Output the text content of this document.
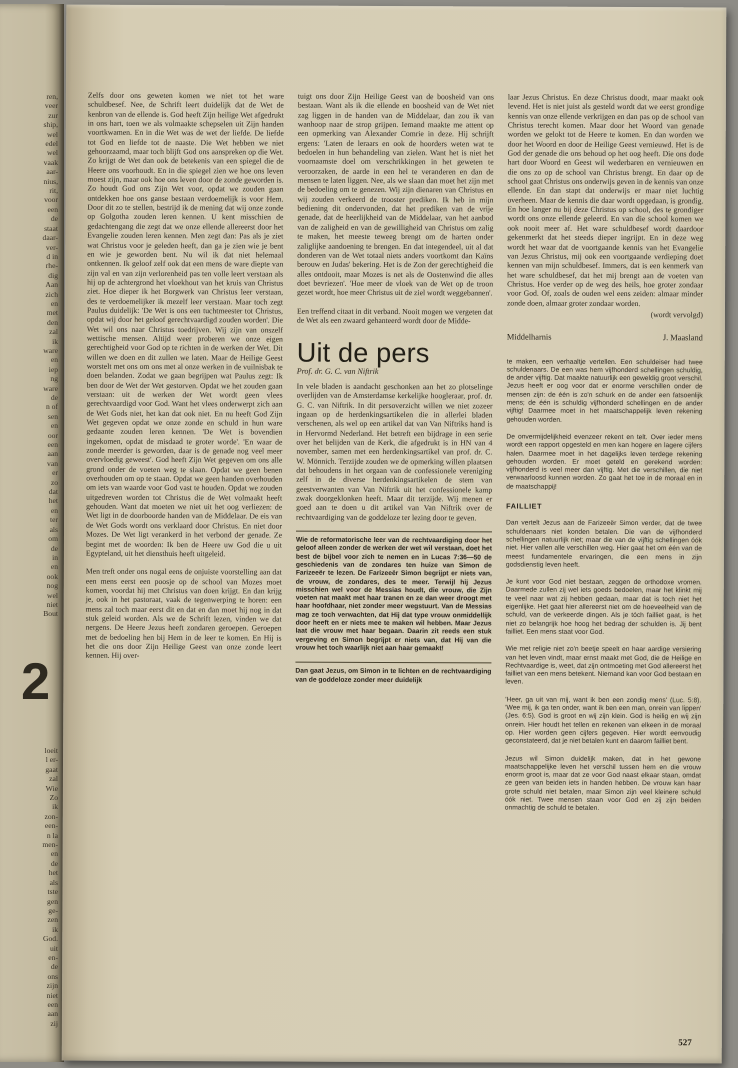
ren,
veer
zur
ship,
wel
edel
wel
vaak
aar-
nius,
rit,
voor
een
de
staat
daar-
ver-
d in
rhe-
dig
Aan
zich
en
met
den
zal
ik
ware
en
iep
ng
ware
de
n of
sen
en
oor
een
aan
van
er
zo
dat
het
en
ter
als
om
de
in
en
ook
nog
wel
niet
Bout
2
loeit
l er-
gaat
zal
Wie
Zo
ik
zon-
een-
n la
men-
en
de
het
als
tste
gen
ge-
zen
ik
God.
uit
en-
de
ons
zijn
niet
een
aan
zij

Zelfs door ons geweten komen we niet tot het ware schuldbesef. Nee, de Schrift leert duidelijk dat de Wet de kenbron van de ellende is. God heeft Zijn heilige Wet afgedrukt in ons hart, toen we als volmaakte schepselen uit Zijn handen voortkwamen. En in die Wet was de wet der liefde. De liefde tot God en liefde tot de naaste. Die Wet hebben we niet gehoorzaamd, maar toch blijft God ons aanspreken op die Wet. Zo krijgt de Wet dan ook de betekenis van een spiegel die de Heere ons voorhoudt. En in die spiegel zien we hoe ons leven moest zijn, maar ook hoe ons leven door de zonde geworden is. Zo houdt God ons Zijn Wet voor, opdat we zouden gaan ontdekken hoe ons ganse bestaan verdoemelijk is voor Hem. Door dit zo te stellen, bestrijd ik de mening dat wij onze zonde op Golgotha zouden leren kennen. U kent misschien de gedachtengang die zegt dat we onze ellende allereerst door het Evangelie zouden leren kennen. Men zegt dan: Pas als je ziet wat Christus voor je geleden heeft, dan ga je zien wie je bent en wie je geworden bent. Nu wil ik dat niet helemaal ontkennen. Ik geloof zelf ook dat een mens de ware diepte van zijn val en van zijn verlorenheid pas ten volle leert verstaan als hij op de achtergrond het vloekhout van het kruis van Christus ziet. Hoe dieper ik het Borgwerk van Christus leer verstaan, des te verdoemelijker ik mezelf leer verstaan. Maar toch zegt Paulus duidelijk: 'De Wet is ons een tuchtmeester tot Christus, opdat wij door het geloof gerechtvaardigd zouden worden'. Die Wet wil ons naar Christus toedrijven. Wij zijn van onszelf wettische mensen. Altijd weer proberen we onze eigen gerechtigheid voor God op te richten in de werken der Wet. Dit willen we doen en dit zullen we laten. Maar de Heilige Geest worstelt met ons om ons met al onze werken in de vuilnisbak te doen belanden. Zodat we gaan begrijpen wat Paulus zegt: Ik ben door de Wet der Wet gestorven. Opdat we het zouden gaan verstaan: uit de werken der Wet wordt geen vlees gerechtvaardigd voor God. Want het vlees onderwerpt zich aan de Wet Gods niet, het kan dat ook niet. En nu heeft God Zijn Wet gegeven opdat we onze zonde en schuld in hun ware gedaante zouden leren kennen. 'De Wet is bovendien ingekomen, opdat de misdaad te groter worde'. 'En waar de zonde meerder is geworden, daar is de genade nog veel meer overvloedig geweest'. God heeft Zijn Wet gegeven om ons alle grond onder de voeten weg te slaan. Opdat we geen benen overhouden om op te staan. Opdat we geen handen overhouden om iets van waarde voor God vast te houden. Opdat we zouden uitgedreven worden tot Christus die de Wet volmaakt heeft gehouden. Want dat moeten we niet uit het oog verliezen: de Wet ligt in de doorboorde handen van de Middelaar. De eis van de Wet Gods wordt ons verklaard door Christus. En niet door Mozes. De Wet ligt verankerd in het verbond der genade. Ze begint met de woorden: Ik ben de Heere uw God die u uit Egypteland, uit het diensthuis heeft uitgeleid.

Men treft onder ons nogal eens de onjuiste voorstelling aan dat een mens eerst een poosje op de school van Mozes moet komen, voordat hij met Christus van doen krijgt. En dan krijg je, ook in het pastoraat, vaak de tegenwerping te horen: een mens zal toch maar eerst dit en dat en dan moet hij nog in dat stuk geleid worden. Als we de Schrift lezen, vinden we dat nergens. De Heere Jezus heeft zondaren geroepen. Geroepen met de bedoeling hen bij Hem in de leer te komen. En Hij is het die ons door Zijn Heilige Geest van onze zonde leert kennen. Hij over-

tuigt ons door Zijn Heilige Geest van de boosheid van ons bestaan. Want als ik die ellende en boosheid van de Wet niet zag liggen in de handen van de Middelaar, dan zou ik van wanhoop naar de strop grijpen. Iemand maakte me attent op een opmerking van Alexander Comrie in deze. Hij schrijft ergens: 'Laten de leraars en ook de hoorders weten wat te bedoelen in hun behandeling van zielen. Want het is niet het voornaamste doel om verschrikkingen in het geweten te veroorzaken, de aarde in een hel te veranderen en dan de mensen te laten liggen. Nee, als we slaan dan moet het zijn met de bedoeling om te genezen. Wij zijn dienaren van Christus en wij zouden verkeerd de trooster prediken. Ik heb in mijn bediening dit ondervonden, dat het prediken van de vrije genade, dat de heerlijkheid van de Middelaar, van het aanbod van de zaligheid en van de gewilligheid van Christus om zalig te maken, het meeste teweeg brengt om de harten onder zaliglijke aandoening te brengen. En dat integendeel, uit al dat donderen van de Wet totaal niets anders voortkomt dan Kaïns berouw en Judas' bekering. Het is de Zon der gerechtigheid die alles ontdooit, maar Mozes is net als de Oostenwind die alles doet bevriezen'. 'Hoe meer de vloek van de Wet op de troon gezet wordt, hoe meer Christus uit de ziel wordt weggebannen'.

Een treffend citaat in dit verband. Nooit mogen we vergeten dat de Wet als een zwaard gehanteerd wordt door de Midde-

Uit de pers
Prof. dr. G. C. van Niftrik

In vele bladen is aandacht geschonken aan het zo plotselinge overlijden van de Amsterdamse kerkelijke hoogleraar, prof. dr. G. C. van Niftrik. In dit persoverzicht willen we niet zozeer ingaan op de herdenkingsartikelen die in allerlei bladen verschenen, als wel op een artikel dat van Van Niftriks hand is in Hervormd Nederland. Het betreft een bijdrage in een serie over het belijden van de Kerk, die afgedrukt is in HN van 4 november, samen met een herdenkingsartikel van prof. dr. C. W. Mönnich. Terzijde zouden we de opmerking willen plaatsen dat behoudens in het orgaan van de confessionele vereniging zelf in de diverse herdenkingsartikelen de stem van geestverwanten van Van Niftrik uit het confessionele kamp zwak doorgeklonken heeft. Maar dit terzijde. Wij menen er goed aan te doen u dit artikel van Van Niftrik over de rechtvaardiging van de goddeloze ter lezing door te geven.

Wie de reformatorische leer van de rechtvaardiging door het geloof alleen zonder de werken der wet wil verstaan, doet het best de bijbel voor zich te nemen en in Lucas 7:36—50 de geschiedenis van de zondares ten huize van Simon de Farizeeër te lezen. De Farizeeër Simon begrijpt er niets van, de vrouw, de zondares, des te meer. Terwijl hij Jezus misschien wel voor de Messias houdt, die vrouw, die Zijn voeten nat maakt met haar tranen en ze dan weer droogt met haar hoofdhaar, niet zonder meer wegstuurt. Van de Messias mag ze toch verwachten, dat Hij dat type vrouw onmiddellijk door heeft en er niets mee te maken wil hebben. Maar Jezus laat die vrouw met haar begaan. Daarin zit reeds een stuk vergeving en Simon begrijpt er niets van, dat Hij van die vrouw het toch waarlijk niet aan haar gemaakt!

Dan gaat Jezus, om Simon in te lichten en de rechtvaardiging van de goddeloze zonder meer duidelijk

laar Jezus Christus. En deze Christus doodt, maar maakt ook levend. Het is niet juist als gesteld wordt dat we eerst grondige kennis van onze ellende verkrijgen en dan pas op de school van Christus terecht komen. Maar door het Woord van genade worden we gelokt tot de Heere te komen. En dan worden we door het Woord en door de Heilige Geest vernieuwd. Het is de God der genade die ons behoud op het oog heeft. Die ons dode hart door Woord en Geest wil wederbaren en vernieuwen en die ons zo op de school van Christus brengt. En daar op de school gaat Christus ons onderwijs geven in de kennis van onze ellende. En dan stapt dat onderwijs er maar niet luchtig overheen. Maar de kennis die daar wordt opgedaan, is grondig. En hoe langer nu bij deze Christus op school, des te grondiger wordt ons onze ellende geleerd. En van die school komen we ook nooit meer af. Het ware schuldbesef wordt daardoor gekenmerkt dat het steeds dieper ingrijpt. En in deze weg wordt het waar dat de voortgaande kennis van het Evangelie van Jezus Christus, mij ook een voortgaande verdieping doet kennen van mijn schuldbesef. Immers, dat is een kenmerk van het ware schuldbesef, dat het mij brengt aan de voeten van Christus. Hoe verder op de weg des heils, hoe groter zondaar voor God. Of, zoals de ouden wel eens zeiden: almaar minder zonde doen, almaar groter zondaar worden.

(wordt vervolgd)
Middelharnis	J. Maasland

te maken, een verhaaltje vertellen. Een schuldeiser had twee schuldenaars. De een was hem vijfhonderd schellingen schuldig, de ander vijftig. Dat maakte natuurlijk een geweldig groot verschil. Jezus heeft er oog voor dat er enorme verschillen onder de mensen zijn: de één is zo'n schurk en de ander een fatsoenlijk mens; de één is schuldig vijfhonderd schellingen en de ander vijftig! Daarmee moet in het maatschappelijk leven rekening gehouden worden.

De onvermijdelijkheid evenzeer rekent en telt. Over ieder mens wordt een rapport opgesteld en men kan hogere en lagere cijfers halen. Daarmee moet in het dagelijks leven terdege rekening gehouden worden. Er moet geteld en gerekend worden: vijfhonderd is veel meer dan vijftig. Met die verschillen, die niet verwaarloosd kunnen worden. Zo gaat het toe in de moraal en in de maatschappij!

FAILLIET
Dan vertelt Jezus aan de Farizeeër Simon verder, dat de twee schuldenaars niet konden betalen. Die van de vijfhonderd schellingen natuurlijk niet; maar die van de vijftig schellingen óók niet. Hier vallen alle verschillen weg. Hier gaat het om één van de meest fundamentele ervaringen, die een mens in zijn godsdienstig leven heeft.
Je kunt voor God niet bestaan, zeggen de orthodoxe vromen. Daarmede zullen zij wel iets goeds bedoelen, maar het klinkt mij te veel naar wat zij hebben gedaan, maar dat is toch niet het eigenlijke. Het gaat hier allereerst niet om de hoeveelheid van de schuld, van de verkeerde dingen. Als je tóch failliet gaat, is het niet zo belangrijk hoe hoog het bedrag der schulden is. Jij bent failliet. Een mens staat voor God.
Wie met religie niet zo'n beetje speelt en haar aardige versiering van het leven vindt, maar ernst maakt met God, die de Heilige en Rechtvaardige is, weet, dat zijn ontmoeting met God allereerst het failliet van een mens betekent. Niemand kan voor God bestaan en leven.
'Heer, ga uit van mij, want ik ben een zondig mens' (Luc. 5:8). 'Wee mij, ik ga ten onder, want ik ben een man, onrein van lippen' (Jes. 6:5). God is groot en wij zijn klein. God is heilig en wij zijn onrein. Hier houdt het tellen en rekenen van elkeen in de moraal op. Hier worden geen cijfers gegeven. Hier wordt eenvoudig geconstateerd, dat je niet betalen kunt en daarom failliet bent.
Jezus wil Simon duidelijk maken, dat in het gewone maatschappelijke leven het verschil tussen hem en die vrouw enorm groot is, maar dat ze voor God naast elkaar staan, omdat ze geen van beiden iets in handen hebben. De vrouw kan haar grote schuld niet betalen, maar Simon zijn veel kleinere schuld óók niet. Twee mensen staan voor God en zij zijn beiden onmachtig de schuld te betalen.
527
